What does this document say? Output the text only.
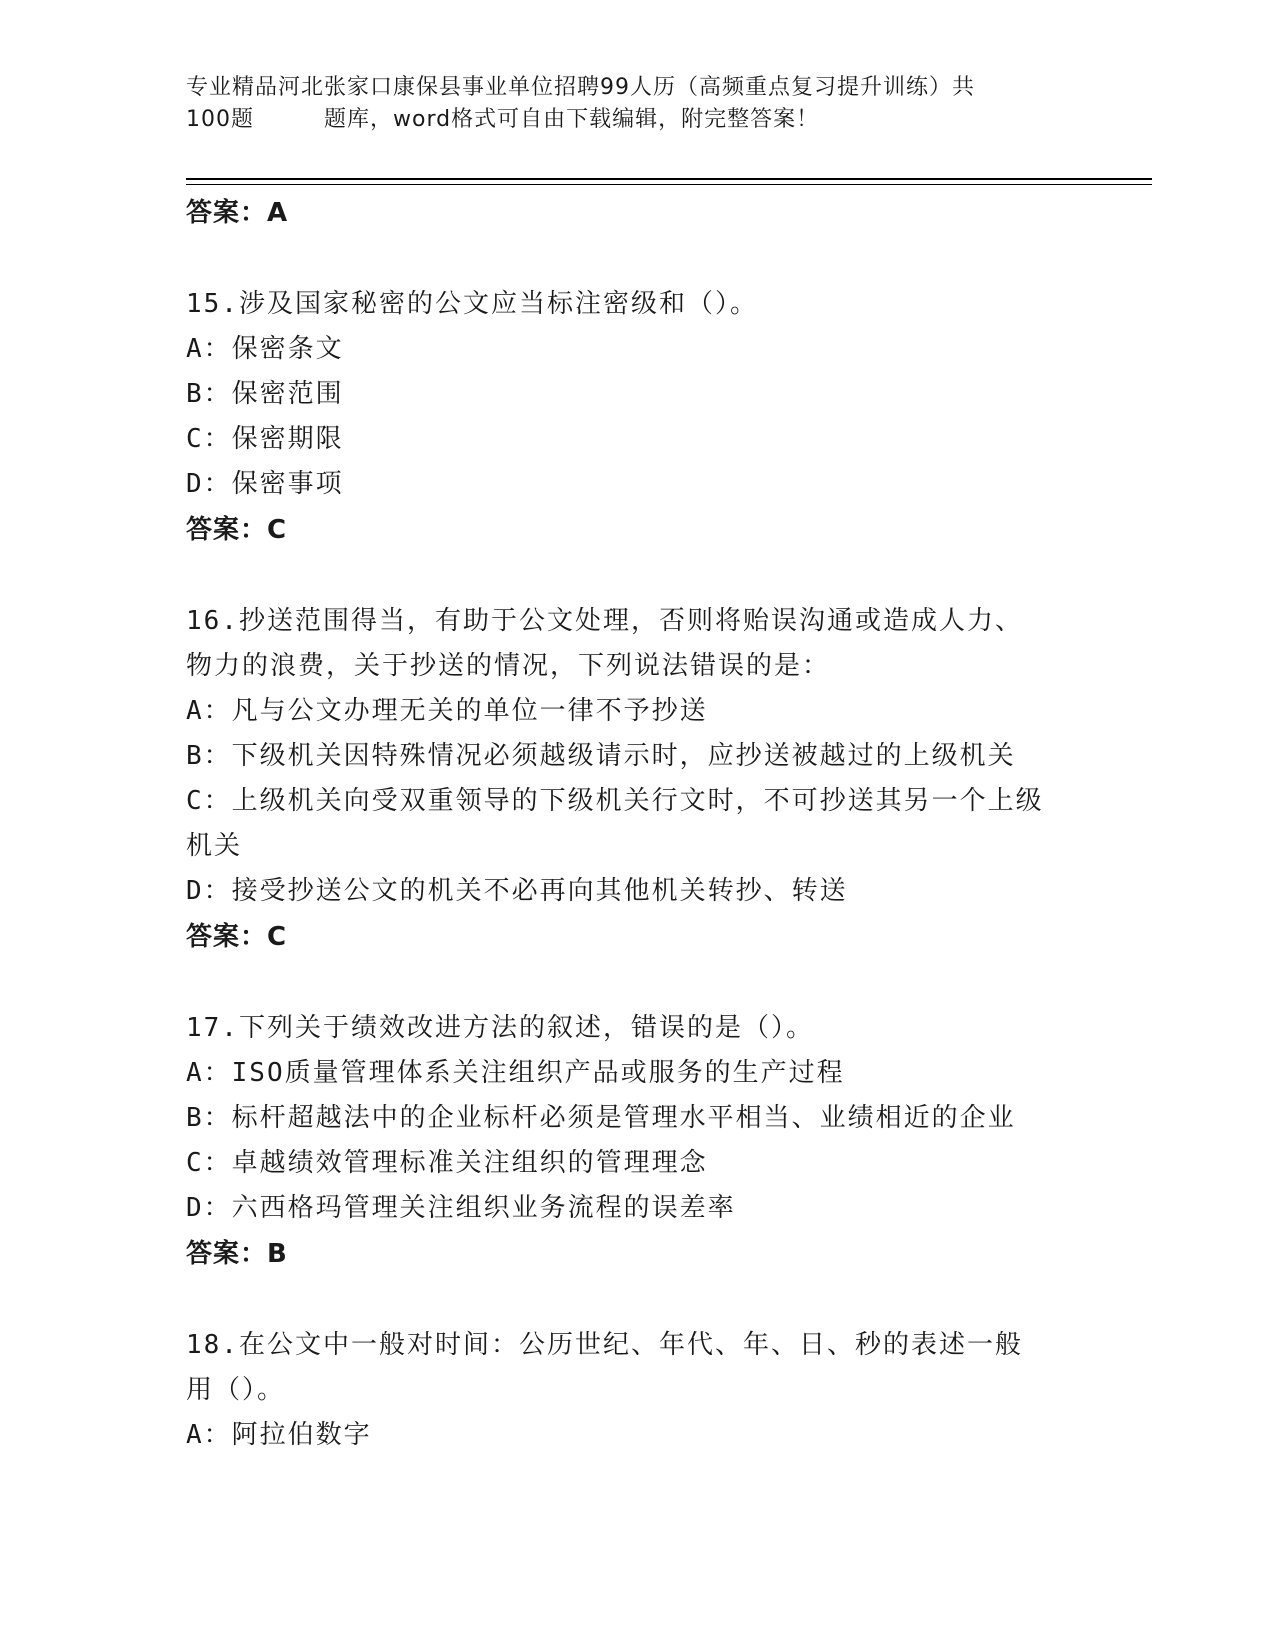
专业精品河北张家口康保县事业单位招聘99人历（高频重点复习提升训练）共
100题	题库，word格式可自由下载编辑，附完整答案！
答案：A

15.涉及国家秘密的公文应当标注密级和（）。

A：保密条文

B：保密范围

C：保密期限

D：保密事项

答案：C

16.抄送范围得当，有助于公文处理，否则将贻误沟通或造成人力、物力的浪费，关于抄送的情况，下列说法错误的是：

A：凡与公文办理无关的单位一律不予抄送

B：下级机关因特殊情况必须越级请示时，应抄送被越过的上级机关

C：上级机关向受双重领导的下级机关行文时，不可抄送其另一个上级机关

D：接受抄送公文的机关不必再向其他机关转抄、转送

答案：C

17.下列关于绩效改进方法的叙述，错误的是（）。

A：ISO质量管理体系关注组织产品或服务的生产过程

B：标杆超越法中的企业标杆必须是管理水平相当、业绩相近的企业

C：卓越绩效管理标准关注组织的管理理念

D：六西格玛管理关注组织业务流程的误差率

答案：B

18.在公文中一般对时间：公历世纪、年代、年、日、秒的表述一般用（）。

A：阿拉伯数字
